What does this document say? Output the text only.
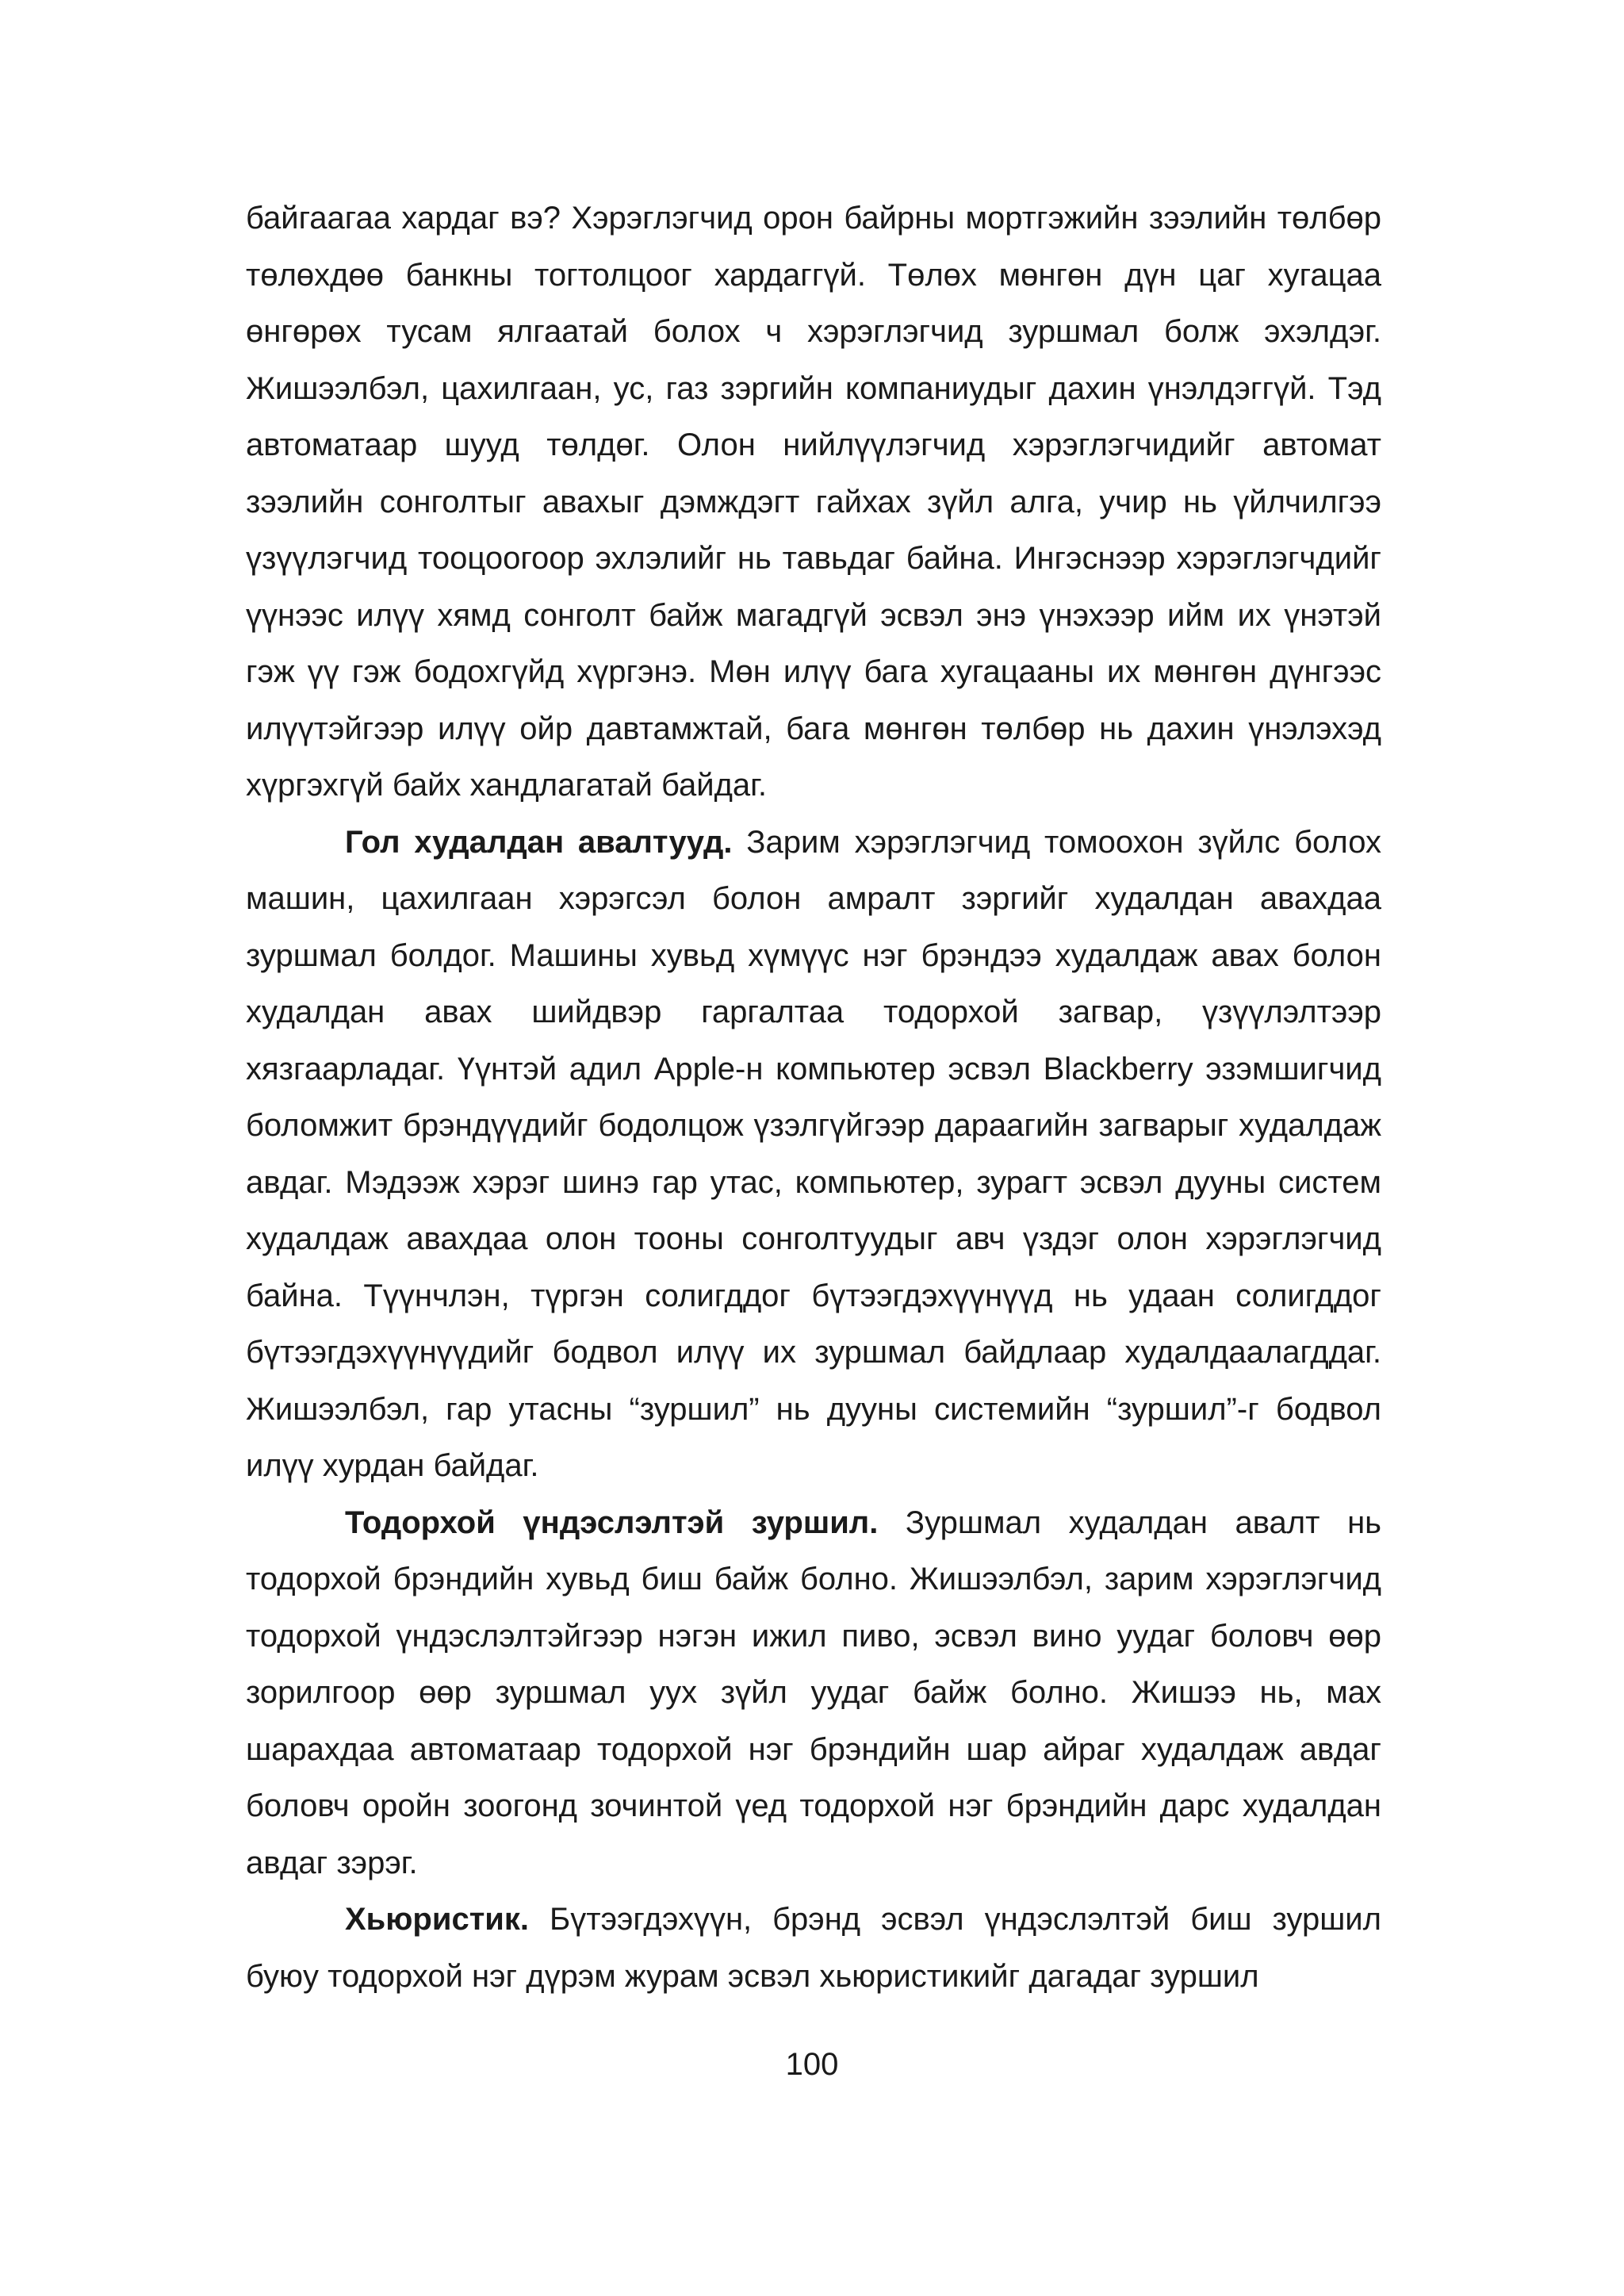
байгаагаа хардаг вэ? Хэрэглэгчид орон байрны мортгэжийн зээлийн төлбөр төлөхдөө банкны тогтолцоог хардаггүй. Төлөх мөнгөн дүн цаг хугацаа өнгөрөх тусам ялгаатай болох ч хэрэглэгчид зуршмал болж эхэлдэг. Жишээлбэл, цахилгаан, ус, газ зэргийн компаниудыг дахин үнэлдэггүй. Тэд автоматаар шууд төлдөг. Олон нийлүүлэгчид хэрэглэгчидийг автомат зээлийн сонголтыг авахыг дэмждэгт гайхах зүйл алга, учир нь үйлчилгээ үзүүлэгчид тооцоогоор эхлэлийг нь тавьдаг байна. Ингэснээр хэрэглэгчдийг үүнээс илүү хямд сонголт байж магадгүй эсвэл энэ үнэхээр ийм их үнэтэй гэж үү гэж бодохгүйд хүргэнэ. Мөн илүү бага хугацааны их мөнгөн дүнгээс илүүтэйгээр илүү ойр давтамжтай, бага мөнгөн төлбөр нь дахин үнэлэхэд хүргэхгүй байх хандлагатай байдаг.

Гол худалдан авалтууд. Зарим хэрэглэгчид томоохон зүйлс болох машин, цахилгаан хэрэгсэл болон амралт зэргийг худалдан авахдаа зуршмал болдог. Машины хувьд хүмүүс нэг брэндээ худалдаж авах болон худалдан авах шийдвэр гаргалтаа тодорхой загвар, үзүүлэлтээр хязгаарладаг. Үүнтэй адил Apple-н компьютер эсвэл Blackberry эзэмшигчид боломжит брэндүүдийг бодолцож үзэлгүйгээр дараагийн загварыг худалдаж авдаг. Мэдээж хэрэг шинэ гар утас, компьютер, зурагт эсвэл дууны систем худалдаж авахдаа олон тооны сонголтуудыг авч үздэг олон хэрэглэгчид байна. Түүнчлэн, түргэн солигддог бүтээгдэхүүнүүд нь удаан солигддог бүтээгдэхүүнүүдийг бодвол илүү их зуршмал байдлаар худалдаалагддаг. Жишээлбэл, гар утасны “зуршил” нь дууны системийн “зуршил”-г бодвол илүү хурдан байдаг.

Тодорхой үндэслэлтэй зуршил. Зуршмал худалдан авалт нь тодорхой брэндийн хувьд биш байж болно. Жишээлбэл, зарим хэрэглэгчид тодорхой үндэслэлтэйгээр нэгэн ижил пиво, эсвэл вино уудаг боловч өөр зорилгоор өөр зуршмал уух зүйл уудаг байж болно. Жишээ нь, мах шарахдаа автоматаар тодорхой нэг брэндийн шар айраг худалдаж авдаг боловч оройн зоогонд зочинтой үед тодорхой нэг брэндийн дарс худалдан авдаг зэрэг.

Хьюристик. Бүтээгдэхүүн, брэнд эсвэл үндэслэлтэй биш зуршил буюу тодорхой нэг дүрэм журам эсвэл хьюристикийг дагадаг зуршил

100
